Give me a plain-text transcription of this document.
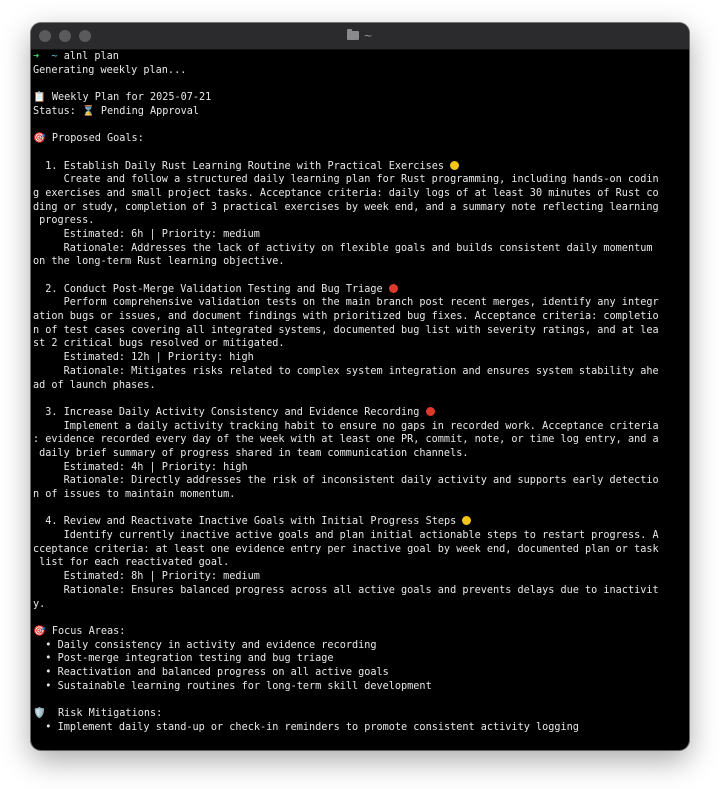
~
➜ ~ alnl plan
Generating weekly plan...
📋 Weekly Plan for 2025-07-21
Status: ⌛ Pending Approval
🎯 Proposed Goals:
1. Establish Daily Rust Learning Routine with Practical Exercises
Create and follow a structured daily learning plan for Rust programming, including hands-on codin
g exercises and small project tasks. Acceptance criteria: daily logs of at least 30 minutes of Rust co
ding or study, completion of 3 practical exercises by week end, and a summary note reflecting learning
progress.
Estimated: 6h | Priority: medium
Rationale: Addresses the lack of activity on flexible goals and builds consistent daily momentum
on the long-term Rust learning objective.
2. Conduct Post-Merge Validation Testing and Bug Triage
Perform comprehensive validation tests on the main branch post recent merges, identify any integr
ation bugs or issues, and document findings with prioritized bug fixes. Acceptance criteria: completio
n of test cases covering all integrated systems, documented bug list with severity ratings, and at lea
st 2 critical bugs resolved or mitigated.
Estimated: 12h | Priority: high
Rationale: Mitigates risks related to complex system integration and ensures system stability ahe
ad of launch phases.
3. Increase Daily Activity Consistency and Evidence Recording
Implement a daily activity tracking habit to ensure no gaps in recorded work. Acceptance criteria
: evidence recorded every day of the week with at least one PR, commit, note, or time log entry, and a
daily brief summary of progress shared in team communication channels.
Estimated: 4h | Priority: high
Rationale: Directly addresses the risk of inconsistent daily activity and supports early detectio
n of issues to maintain momentum.
4. Review and Reactivate Inactive Goals with Initial Progress Steps
Identify currently inactive active goals and plan initial actionable steps to restart progress. A
cceptance criteria: at least one evidence entry per inactive goal by week end, documented plan or task
list for each reactivated goal.
Estimated: 8h | Priority: medium
Rationale: Ensures balanced progress across all active goals and prevents delays due to inactivit
y.
🎯 Focus Areas:
• Daily consistency in activity and evidence recording
• Post-merge integration testing and bug triage
• Reactivation and balanced progress on all active goals
• Sustainable learning routines for long-term skill development
🛡️ Risk Mitigations:
• Implement daily stand-up or check-in reminders to promote consistent activity logging
